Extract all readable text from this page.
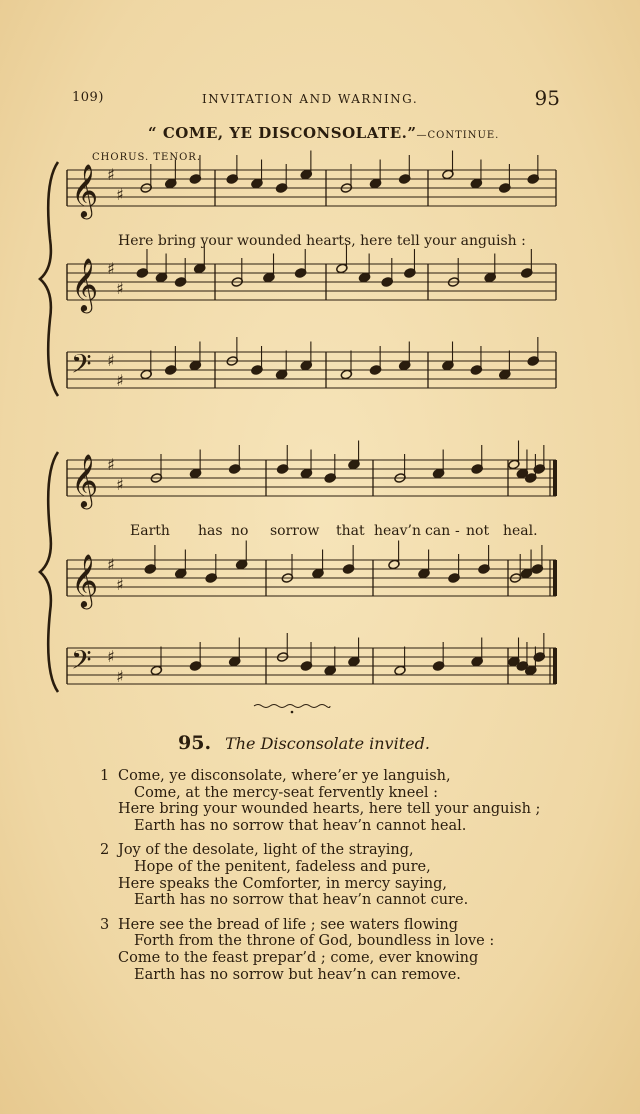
109)	INVITATION AND WARNING.	95
“ COME, YE DISCONSOLATE.”—CONTINUE.
CHORUS. TENOR.
𝄞 ♯
♯
𝄞 ♯
♯
𝄢 ♯
♯
𝄞 ♯
♯
𝄞 ♯
♯
𝄢 ♯
♯
Here bring your wounded hearts, here tell your anguish :
Earth has no sorrow that heav’n can - not heal.
95. The Disconsolate invited.
1 Come, ye disconsolate, where’er ye languish,
Come, at the mercy-seat fervently kneel :
Here bring your wounded hearts, here tell your anguish ;
Earth has no sorrow that heav’n cannot heal.
2 Joy of the desolate, light of the straying,
Hope of the penitent, fadeless and pure,
Here speaks the Comforter, in mercy saying,
Earth has no sorrow that heav’n cannot cure.
3 Here see the bread of life ; see waters flowing
Forth from the throne of God, boundless in love :
Come to the feast prepar’d ; come, ever knowing
Earth has no sorrow but heav’n can remove.
